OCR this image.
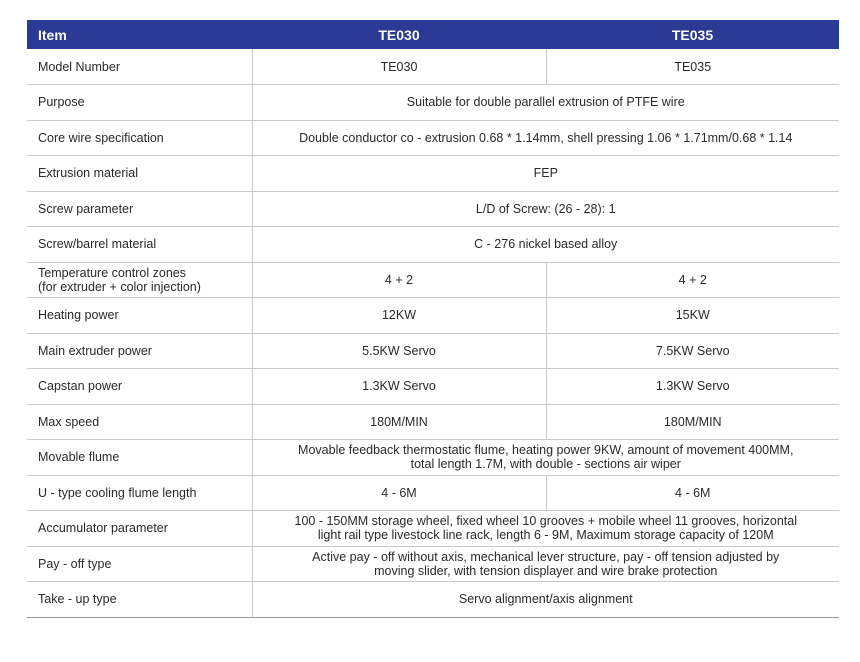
Item	TE030	TE035

Model Number	TE030	TE035

Purpose	Suitable for double parallel extrusion of PTFE wire	

Core wire specification	Double conductor co - extrusion 0.68 * 1.14mm, shell pressing 1.06 * 1.71mm/0.68 * 1.14	

Extrusion material	FEP	

Screw parameter	L/D of Screw: (26 - 28): 1	

Screw/barrel material	C - 276 nickel based alloy	

Temperature control zones
(for extruder + color injection)	4 + 2	4 + 2

Heating power	12KW	15KW

Main extruder power	5.5KW Servo	7.5KW Servo

Capstan power	1.3KW Servo	1.3KW Servo

Max speed	180M/MIN	180M/MIN

Movable flume	Movable feedback thermostatic flume, heating power 9KW, amount of movement 400MM,
total length 1.7M, with double - sections air wiper	

U - type cooling flume length	4 - 6M	4 - 6M

Accumulator parameter	100 - 150MM storage wheel, fixed wheel 10 grooves + mobile wheel 11 grooves, horizontal
light rail type livestock line rack, length 6 - 9M, Maximum storage capacity of 120M	

Pay - off type	Active pay - off without axis, mechanical lever structure, pay - off tension adjusted by
moving slider, with tension displayer and wire brake protection	

Take - up type	Servo alignment/axis alignment	
